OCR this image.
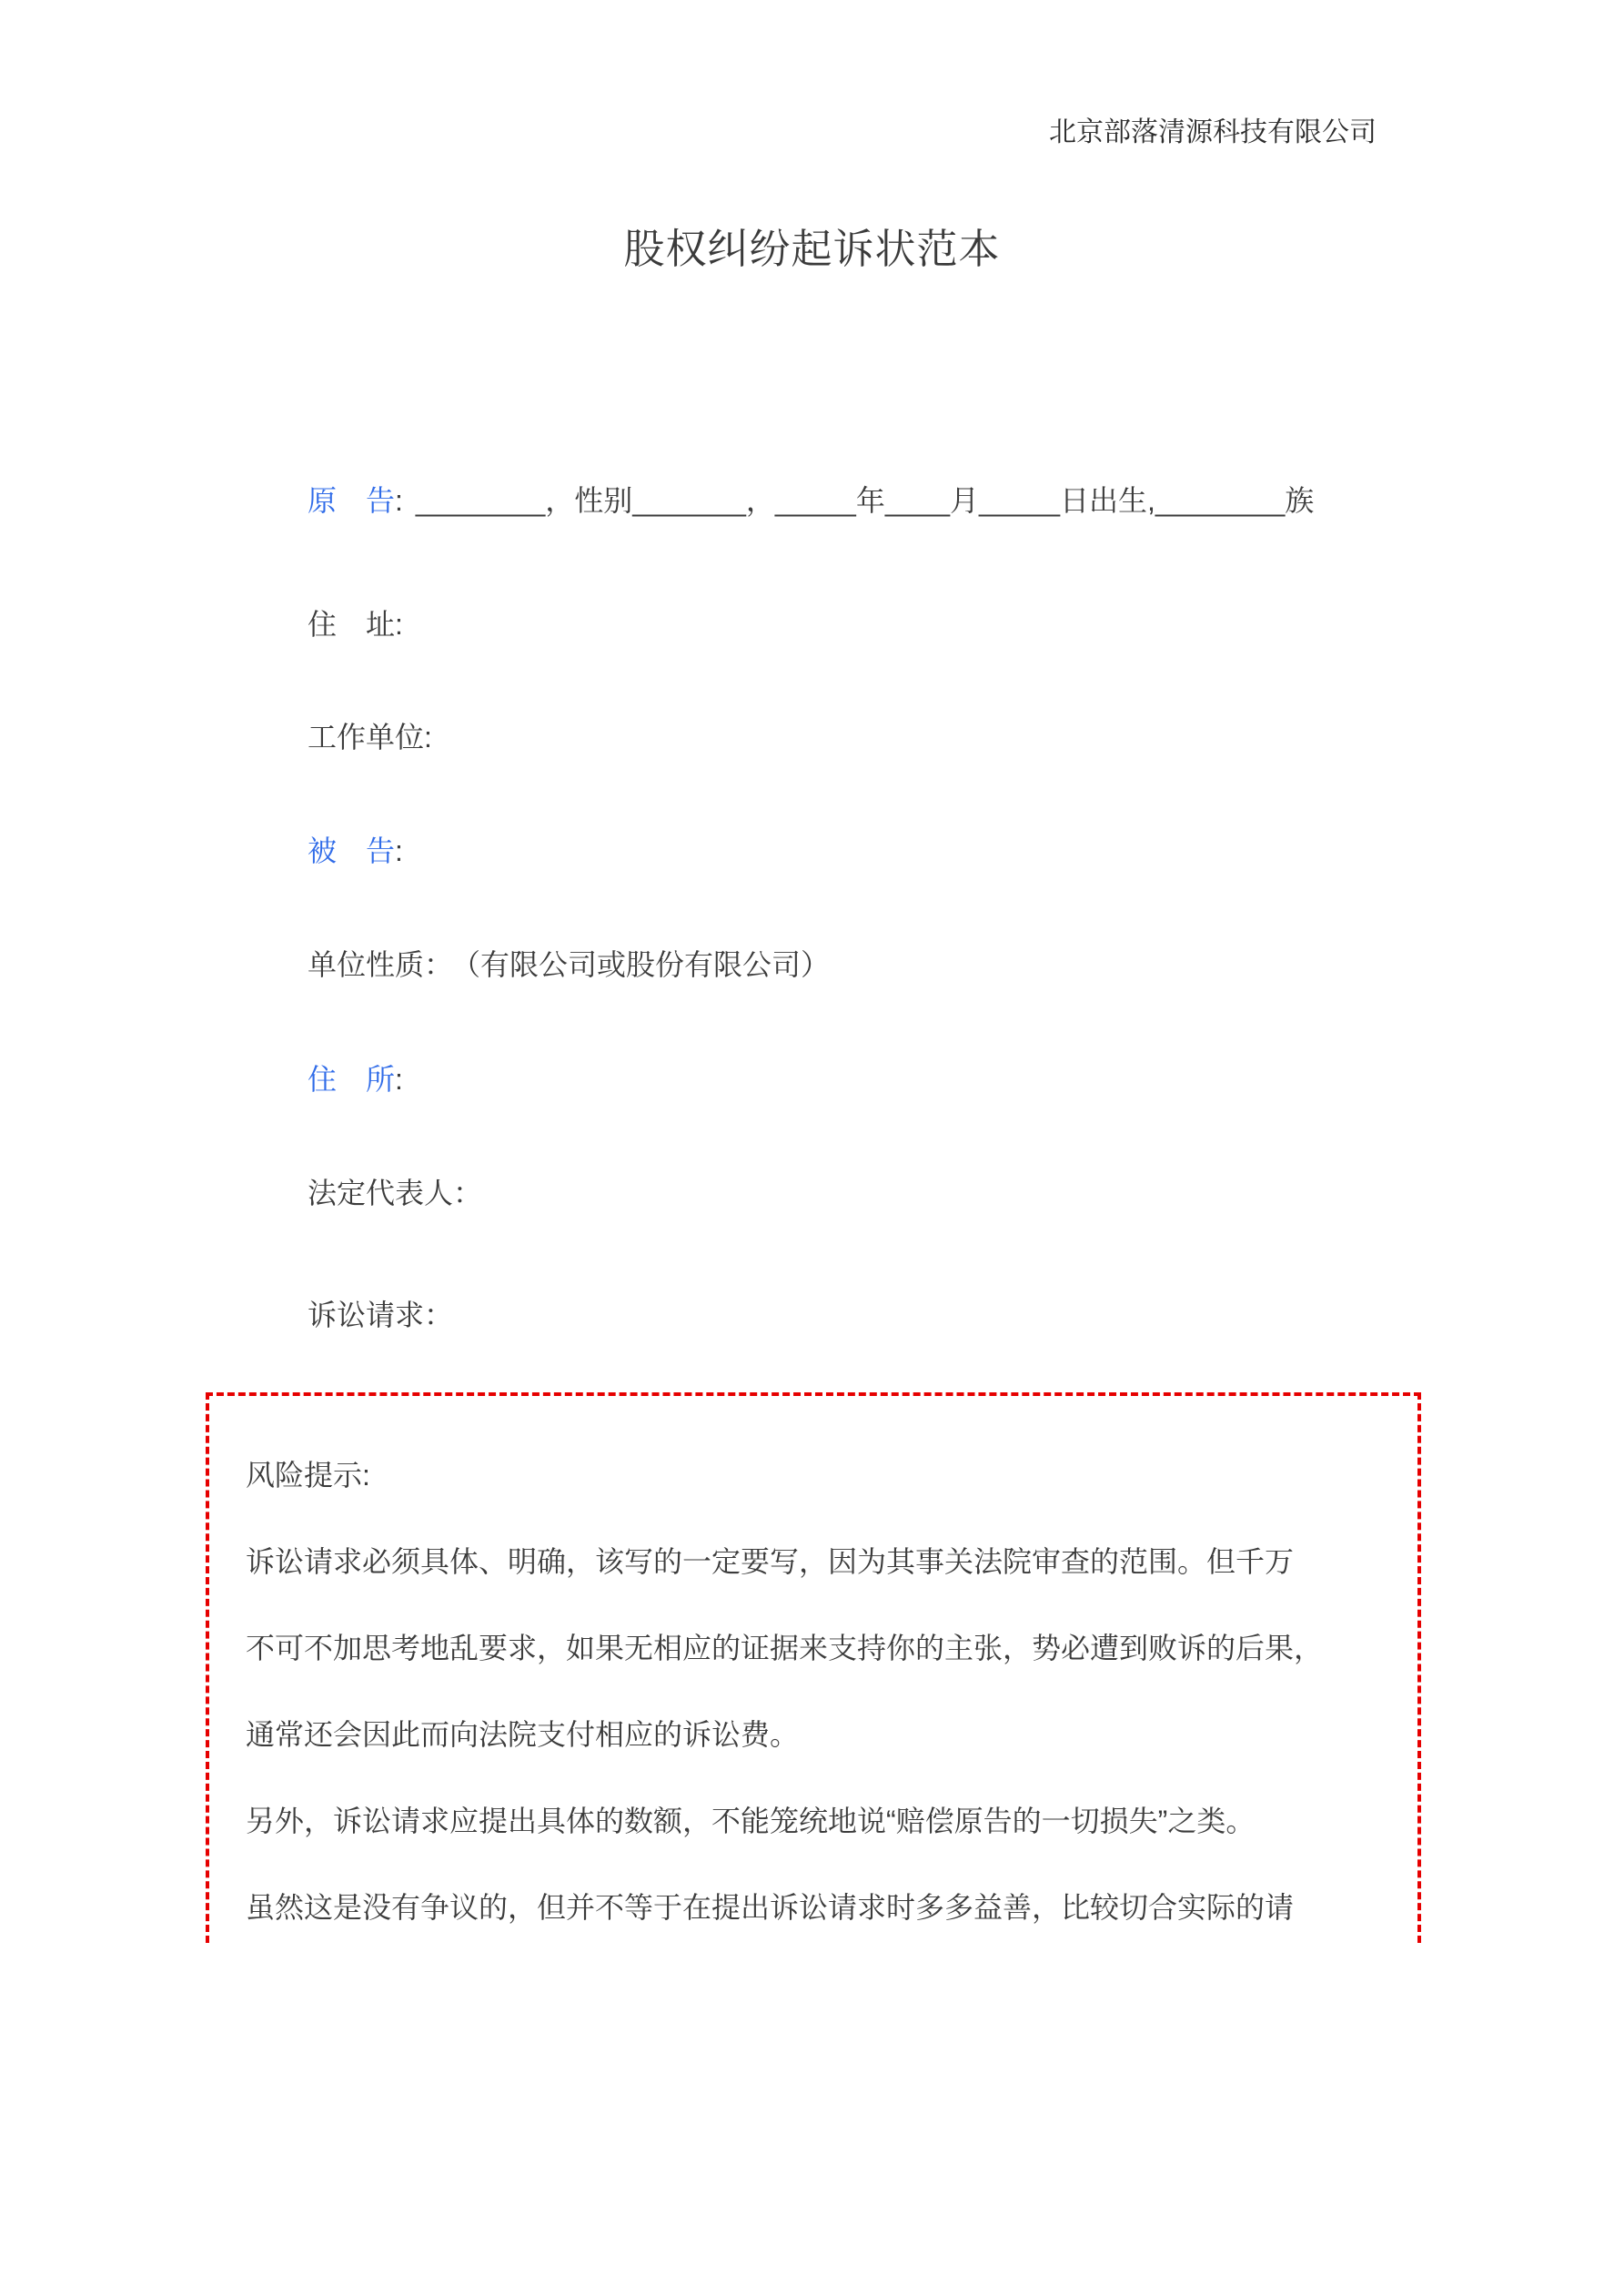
北京部落清源科技有限公司
股权纠纷起诉状范本
原　告: ________，性别_______，_____年____月_____日出生,________族
住　址:
工作单位:
被　告:
单位性质： （有限公司或股份有限公司）
住　所:
法定代表人：
诉讼请求：
风险提示:
诉讼请求必须具体、明确，该写的一定要写，因为其事关法院审查的范围。但千万
不可不加思考地乱要求，如果无相应的证据来支持你的主张，势必遭到败诉的后果，
通常还会因此而向法院支付相应的诉讼费。
另外，诉讼请求应提出具体的数额，不能笼统地说“赔偿原告的一切损失”之类。
虽然这是没有争议的，但并不等于在提出诉讼请求时多多益善，比较切合实际的请
